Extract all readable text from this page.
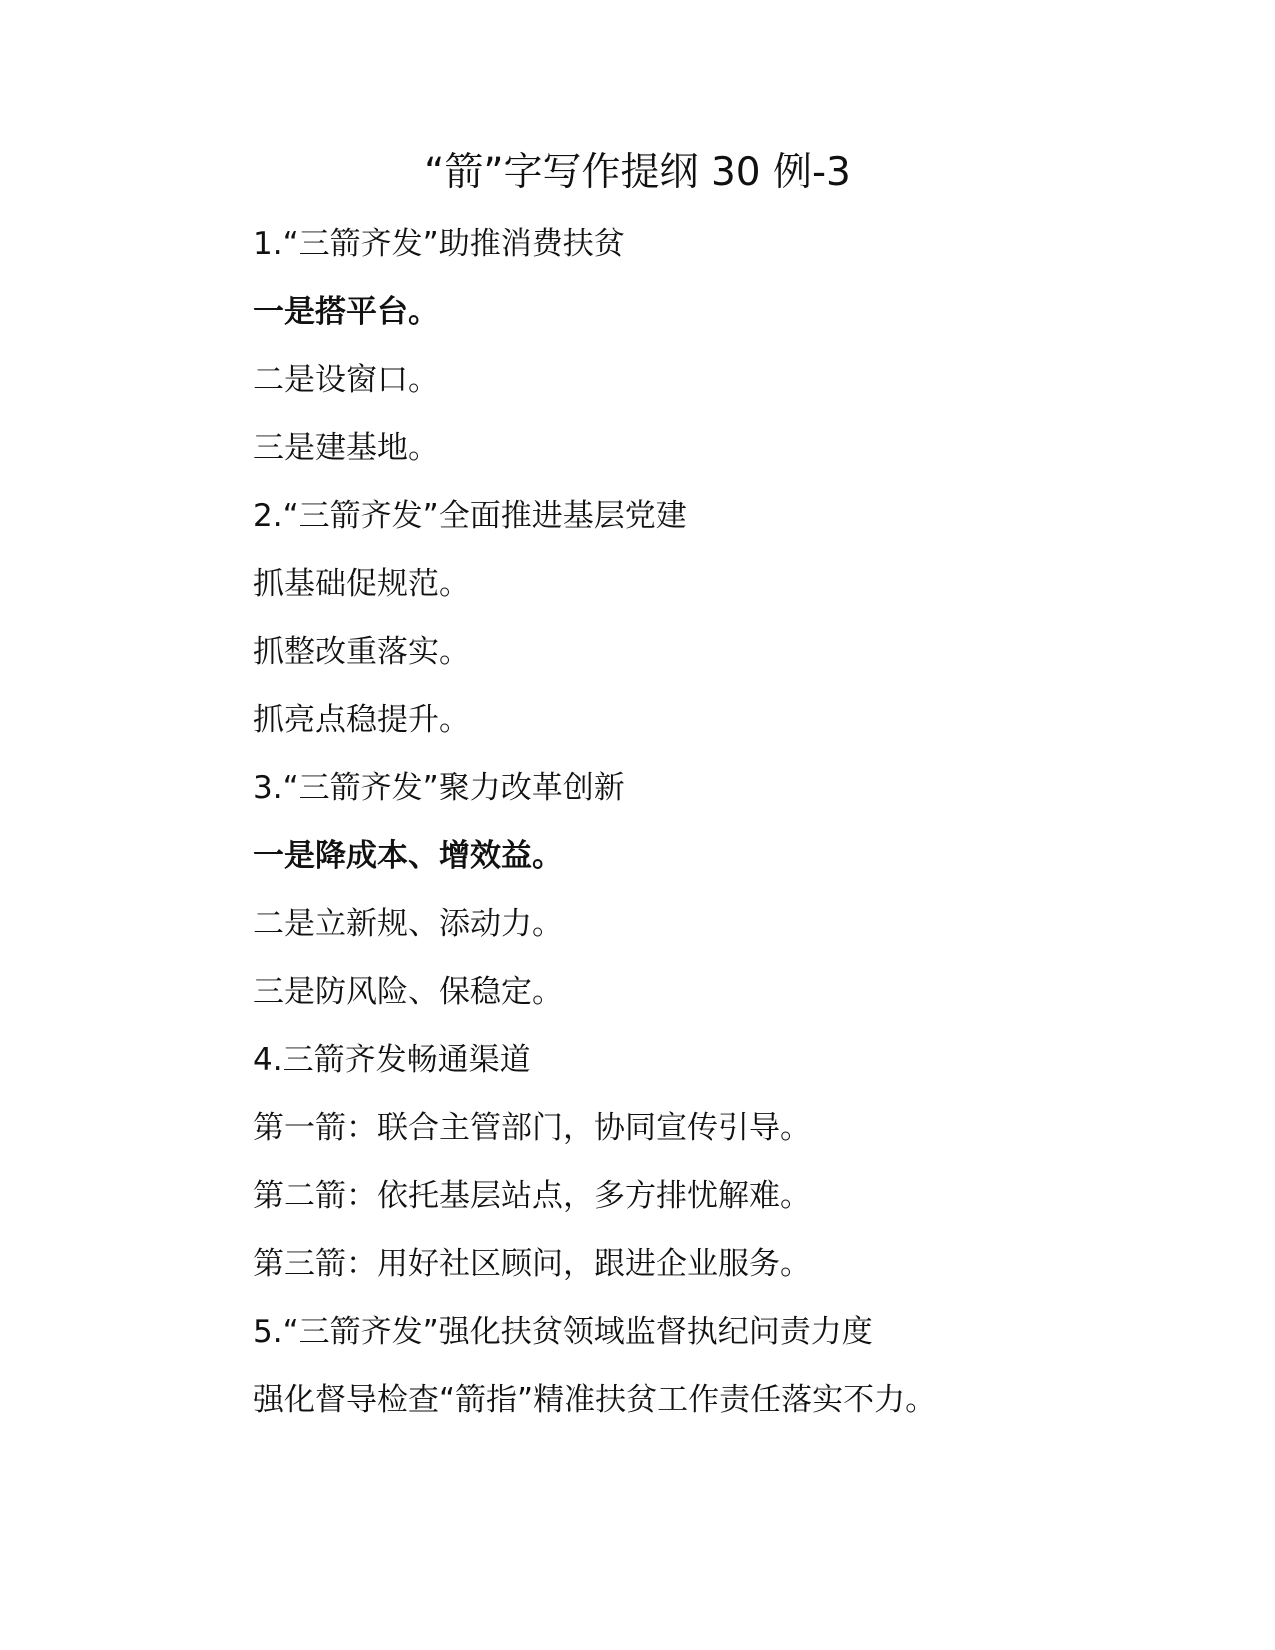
“箭”字写作提纲 30 例-3
1.“三箭齐发”助推消费扶贫
一是搭平台。
二是设窗口。
三是建基地。
2.“三箭齐发”全面推进基层党建
抓基础促规范。
抓整改重落实。
抓亮点稳提升。
3.“三箭齐发”聚力改革创新
一是降成本、增效益。
二是立新规、添动力。
三是防风险、保稳定。
4.三箭齐发畅通渠道
第一箭：联合主管部门，协同宣传引导。
第二箭：依托基层站点，多方排忧解难。
第三箭：用好社区顾问，跟进企业服务。
5.“三箭齐发”强化扶贫领域监督执纪问责力度
强化督导检查“箭指”精准扶贫工作责任落实不力。
